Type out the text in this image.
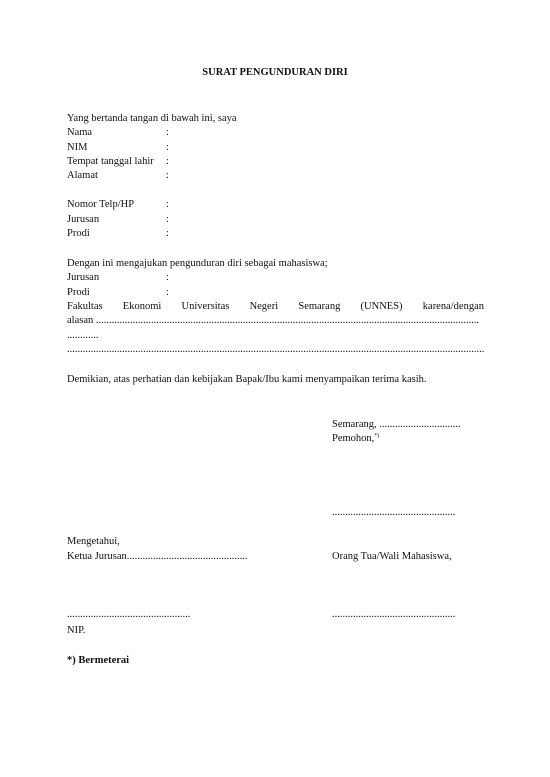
SURAT PENGUNDURAN DIRI
Yang bertanda tangan di bawah ini, saya
Nama	:
NIM	:
Tempat tanggal lahir :
Alamat	:
Nomor Telp/HP	:
Jurusan	:
Prodi	:
Dengan ini mengajukan pengunduran diri sebagai mahasiswa;
Jurusan	:
Prodi	:
Fakultas Ekonomi Universitas Negeri Semarang (UNNES) karena/dengan
alasan ..................................................................................................................................................
............
...............................................................................................................................................................
Demikian, atas perhatian dan kebijakan Bapak/Ibu kami menyampaikan terima kasih.
Semarang, ...............................
Pemohon,*)
...............................................
Mengetahui,
Ketua Jurusan..............................................	Orang Tua/Wali Mahasiswa,
...............................................	...............................................
NIP.
*) Bermeterai
